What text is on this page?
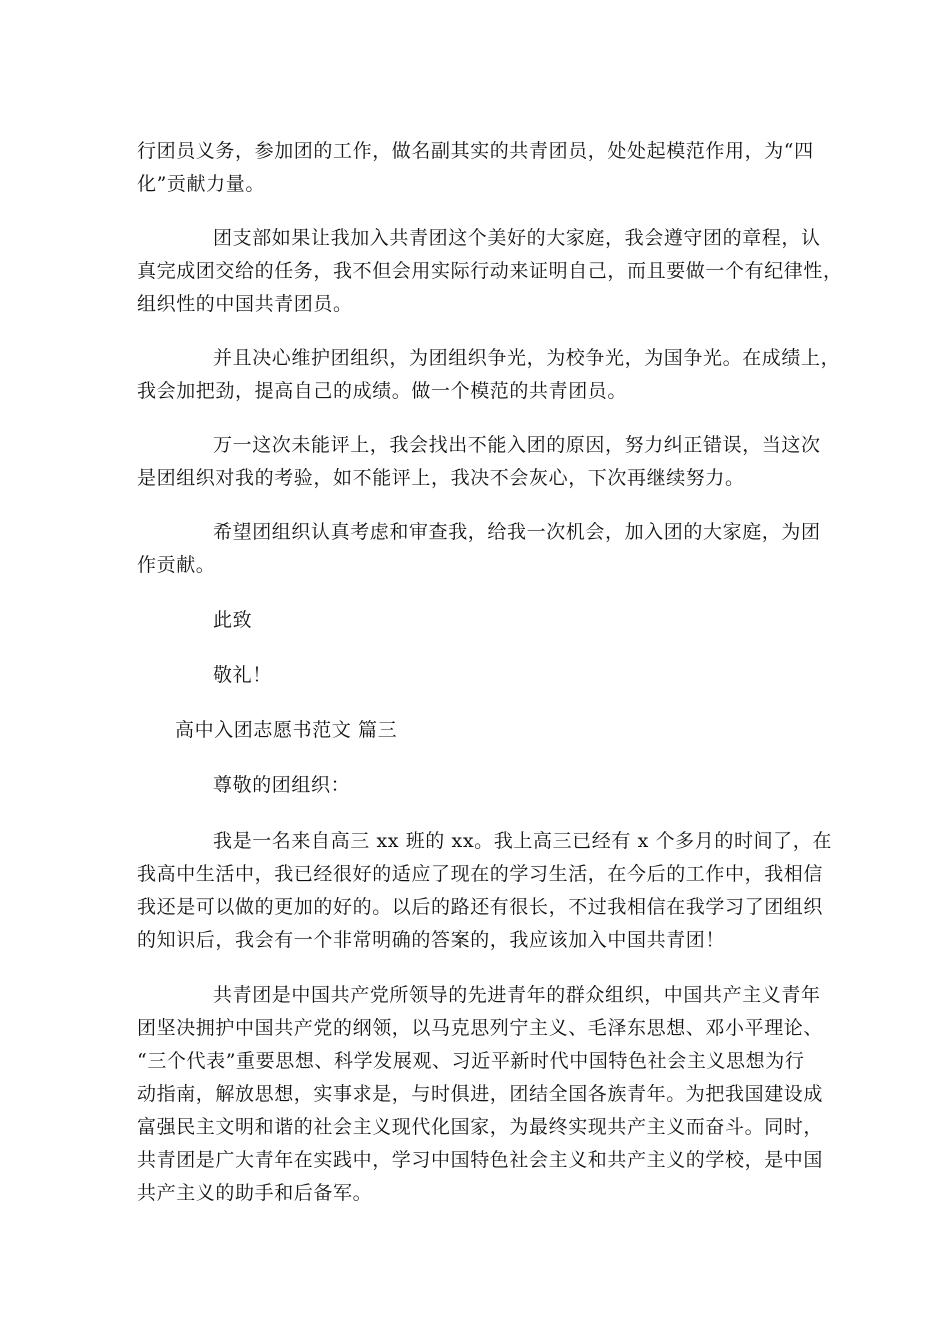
行团员义务，参加团的工作，做名副其实的共青团员，处处起模范作用，为“四
化”贡献力量。
团支部如果让我加入共青团这个美好的大家庭，我会遵守团的章程，认
真完成团交给的任务，我不但会用实际行动来证明自己，而且要做一个有纪律性，
组织性的中国共青团员。
并且决心维护团组织，为团组织争光，为校争光，为国争光。在成绩上，
我会加把劲，提高自己的成绩。做一个模范的共青团员。
万一这次未能评上，我会找出不能入团的原因，努力纠正错误，当这次
是团组织对我的考验，如不能评上，我决不会灰心，下次再继续努力。
希望团组织认真考虑和审查我，给我一次机会，加入团的大家庭，为团
作贡献。
此致
敬礼！
高中入团志愿书范文 篇三
尊敬的团组织：
我是一名来自高三 xx 班的 xx。我上高三已经有 x 个多月的时间了，在
我高中生活中，我已经很好的适应了现在的学习生活，在今后的工作中，我相信
我还是可以做的更加的好的。以后的路还有很长，不过我相信在我学习了团组织
的知识后，我会有一个非常明确的答案的，我应该加入中国共青团！
共青团是中国共产党所领导的先进青年的群众组织，中国共产主义青年
团坚决拥护中国共产党的纲领，以马克思列宁主义、毛泽东思想、邓小平理论、
“三个代表”重要思想、科学发展观、习近平新时代中国特色社会主义思想为行
动指南，解放思想，实事求是，与时俱进，团结全国各族青年。为把我国建设成
富强民主文明和谐的社会主义现代化国家，为最终实现共产主义而奋斗。同时，
共青团是广大青年在实践中，学习中国特色社会主义和共产主义的学校，是中国
共产主义的助手和后备军。
